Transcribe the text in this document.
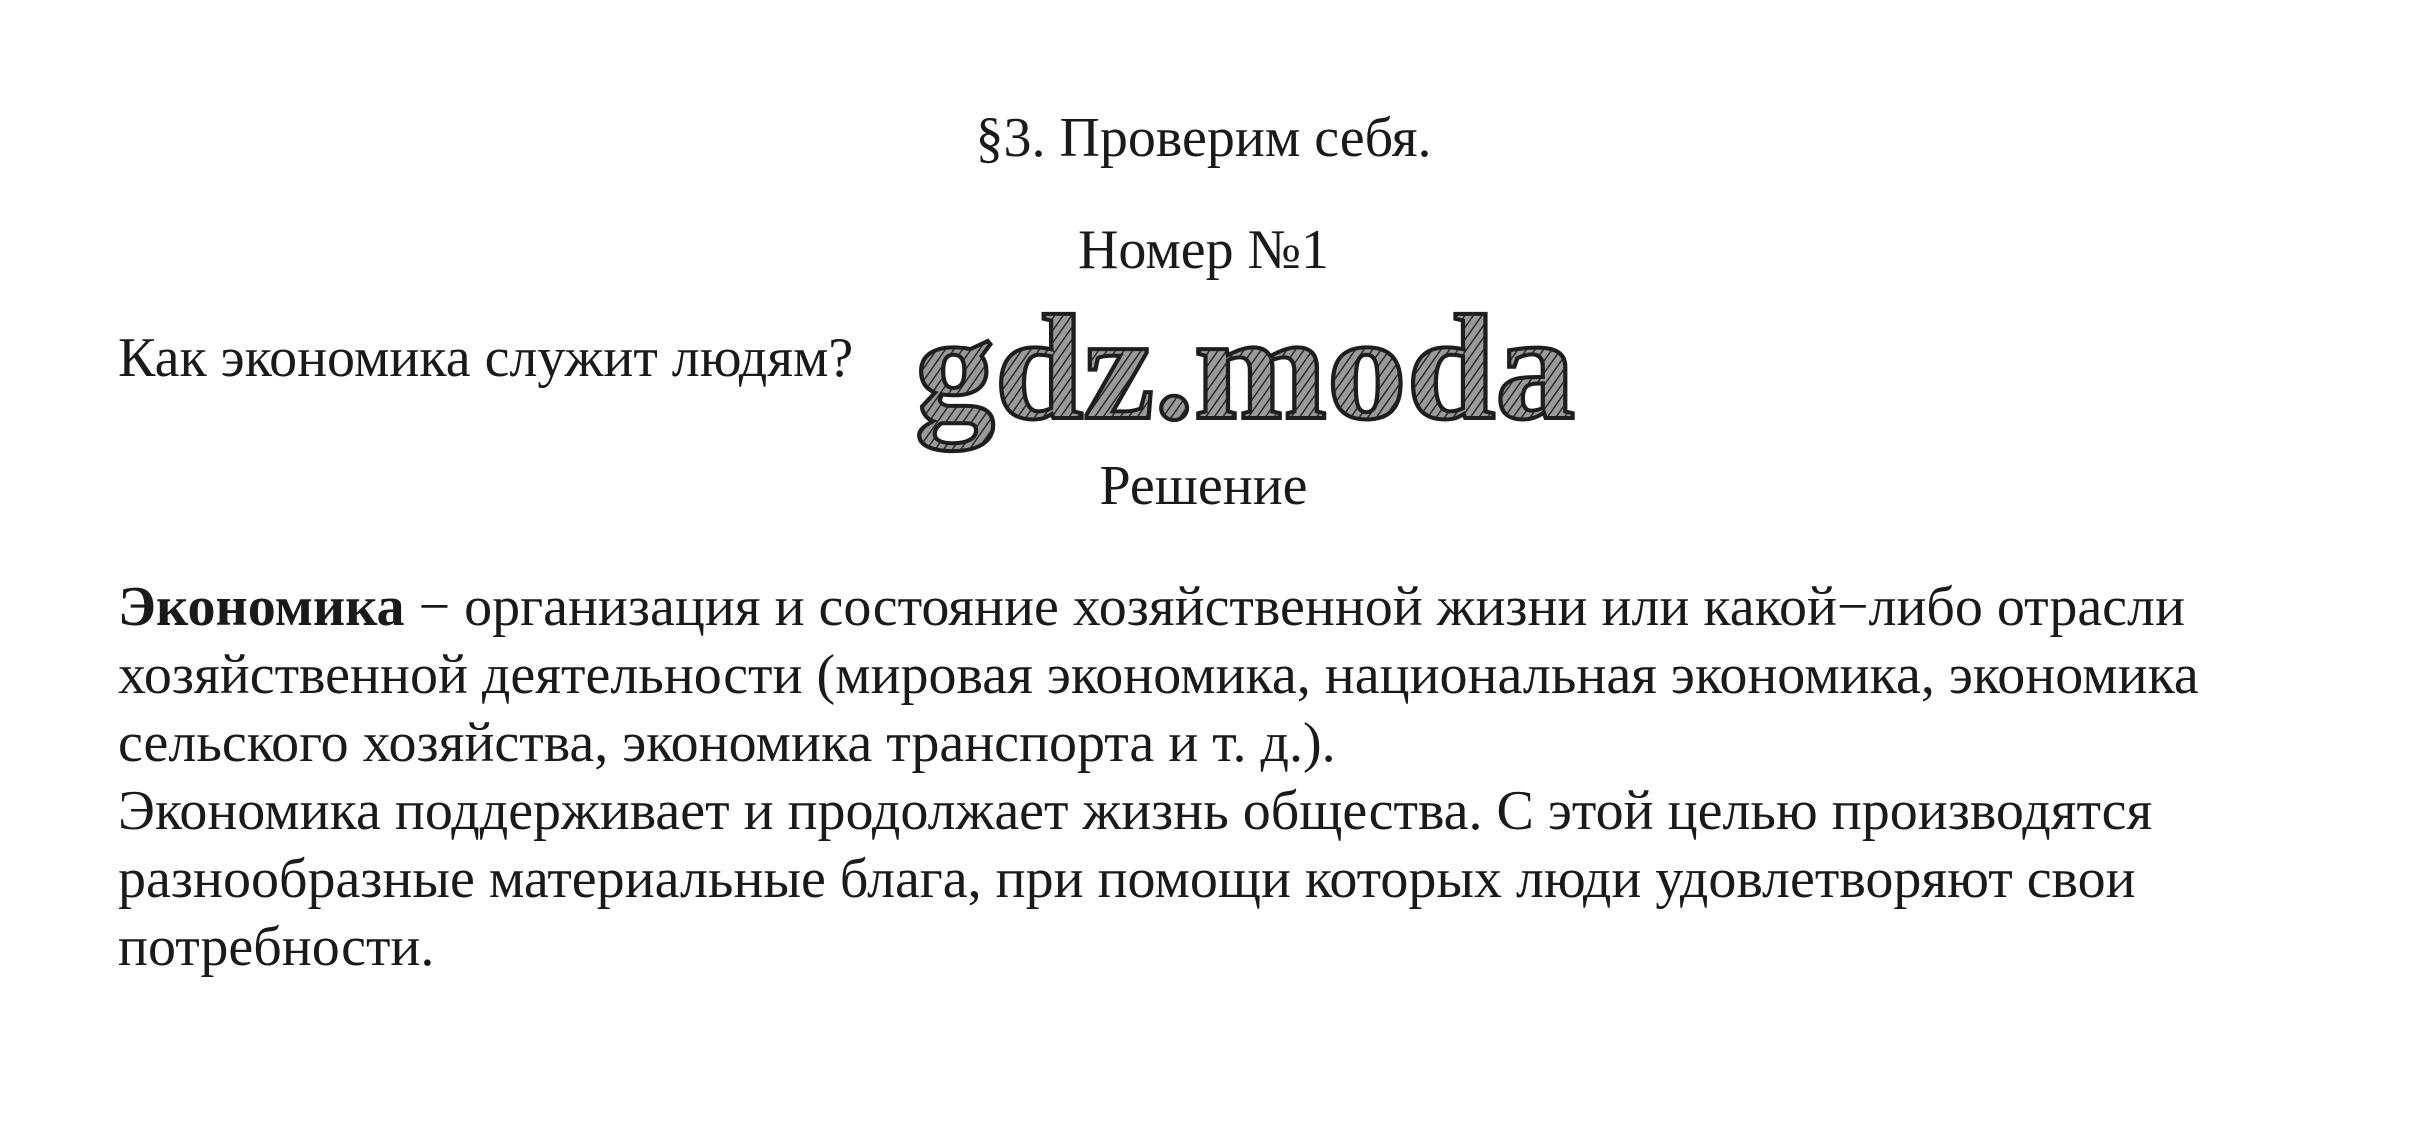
§3. Проверим себя.
Номер №1
Как экономика служит людям? gdz.moda
Решение

Экономика − организация и состояние хозяйственной жизни или какой−либо отрасли хозяйственной деятельности (мировая экономика, национальная экономика, экономика сельского хозяйства, экономика транспорта и т. д.).

Экономика поддерживает и продолжает жизнь общества. С этой целью производятся разнообразные материальные блага, при помощи которых люди удовлетворяют свои потребности.
